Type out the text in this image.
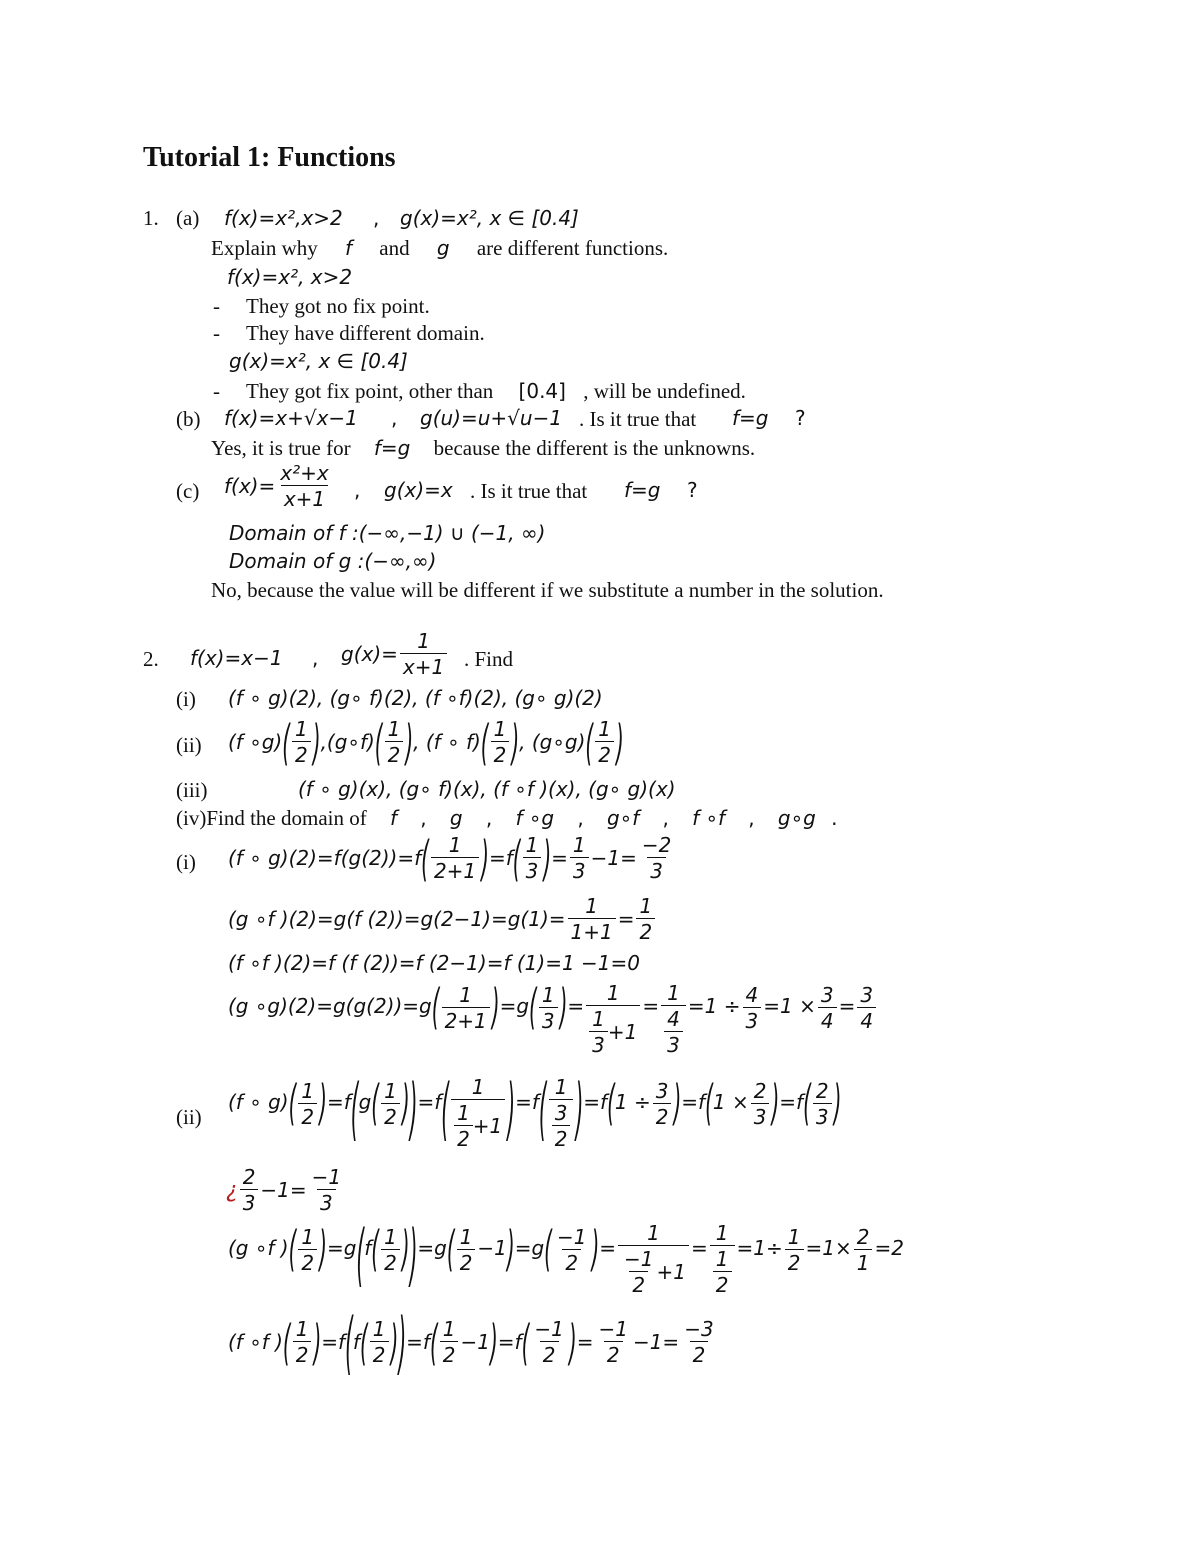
Tutorial 1: Functions
1. (a) f(x)=x²,x>2 , g(x)=x², x ∈ [0.4]
Explain why f and g are different functions.
f(x)=x², x>2
- They got no fix point.
- They have different domain.
g(x)=x², x ∈ [0.4]
- They got fix point, other than [0.4] , will be undefined.
(b) f(x)=x+√x−1 , g(u)=u+√u−1 . Is it true that f=g ?
Yes, it is true for f=g because the different is the unknowns.
(c) $f(x)= \frac{\text{x²+x}}{x+1}$ , g(x)=x . Is it true that f=g ?
Domain of f :(−∞,−1) ∪ (−1, ∞)
Domain of g :(−∞,∞)
No, because the value will be different if we substitute a number in the solution.
2. f(x)=x−1 , $g(x)= \frac{1}{x+1}$ . Find
(i) (f ∘ g)(2), (g∘ f)(2), (f ∘f)(2), (g∘ g)(2)
(ii) (f ∘g) ( $\frac{1}{2}$ ) ,(g∘f) ( $\frac{1}{2}$ ) , (f ∘ f) ( $\frac{1}{2}$ ) , (g∘g) ( $\frac{1}{2}$ )
(iii)	(f ∘ g)(x), (g∘ f)(x), (f ∘f )(x), (g∘ g)(x)
(iv)Find the domain of f , g , f ∘g , g∘f , f ∘f , g∘g .
(i) (f ∘ g)(2)=f(g(2))=f ( $\frac{1}{2+1}$ ) =f ( $\frac{1}{3}$ ) = $\frac{1}{3} -1= \frac{-2}{3}$
(g ∘f )(2)=g(f $(2))=g(2-1)=g(1)= \frac{1}{1+1} = \frac{1}{2}$
(f ∘f )(2)=f (f (2))=f (2−1)=f (1)=1 −1=0
(g ∘g)(2)=g(g(2))=g ( $\frac{1}{2+1}$ ) =g ( $\frac{1}{3}$ ) = $\frac{1}{\frac{1}{3} +1} = \frac{1}{\frac{4}{3}} =1 \div \frac{4}{3} =1 \times \frac{3}{4} = \frac{3}{4}$
(ii)
(f ∘ g) ( $\frac{1}{2}$ ) =f ( g ( $\frac{1}{2}$ ) ) =f ( $\frac{1}{\frac{1}{2} +1}$ ) =f ( $\frac{1}{\frac{3}{2}}$ ) =f ( $1 \div \frac{3}{2}$ ) =f ( $1 \times \frac{2}{3}$ ) =f ( $\frac{2}{3}$ )
¿ $\frac{2}{3} -1= \frac{-1}{3}$
(g ∘f ) ( $\frac{1}{2}$ ) =g ( f ( $\frac{1}{2}$ ) ) =g ( $\frac{1}{2} -1$ ) =g ( $\frac{-1}{2}$ ) = $\frac{1}{\frac{-1}{2} +1} = \frac{1}{\frac{1}{2}} =1\div \frac{1}{2} =1\times \frac{2}{1} =2$
(f ∘f ) ( $\frac{1}{2}$ ) =f ( f ( $\frac{1}{2}$ ) ) =f ( $\frac{1}{2} -1$ ) =f ( $\frac{-1}{2}$ ) = $\frac{-1}{2} -1= \frac{-3}{2}$
